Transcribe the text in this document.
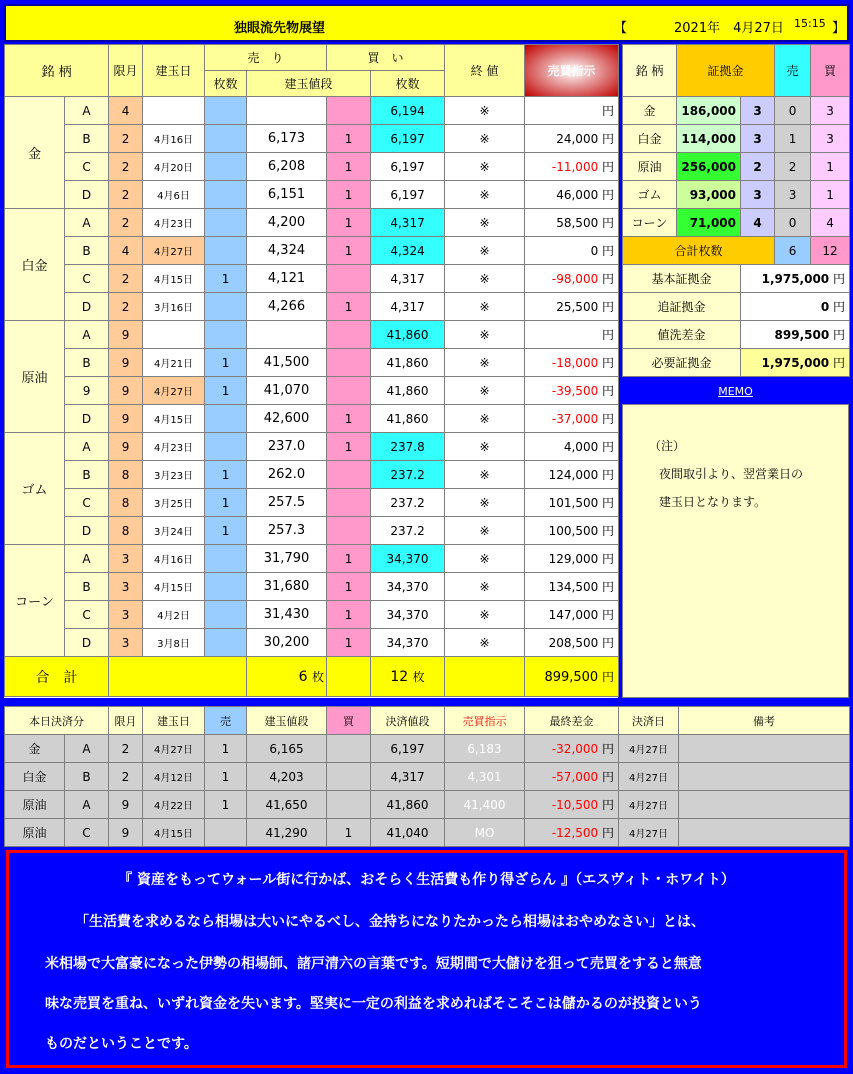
独眼流先物展望	【	2021年　4月27日 15:15 】
銘 柄		限月	建玉日	売　り		買　い		終 値	売買指示	
				枚数	建玉値段		枚数			
金	A	4					6,194	※	円	
	B	2	4月16日		6,173	1	6,197	※	24,000 円	
	C	2	4月20日		6,208	1	6,197	※	-11,000 円	
	D	2	4月6日		6,151	1	6,197	※	46,000 円	
白金	A	2	4月23日		4,200	1	4,317	※	58,500 円	
	B	4	4月27日		4,324	1	4,324	※	0 円	
	C	2	4月15日	1	4,121		4,317	※	-98,000 円	
	D	2	3月16日		4,266	1	4,317	※	25,500 円	
原油	A	9					41,860	※	円	
	B	9	4月21日	1	41,500		41,860	※	-18,000 円	
	9	9	4月27日	1	41,070		41,860	※	-39,500 円	
	D	9	4月15日		42,600	1	41,860	※	-37,000 円	
ゴム	A	9	4月23日		237.0	1	237.8	※	4,000 円	
	B	8	3月23日	1	262.0		237.2	※	124,000 円	
	C	8	3月25日	1	257.5		237.2	※	101,500 円	
	D	8	3月24日	1	257.3		237.2	※	100,500 円	
コーン	A	3	4月16日		31,790	1	34,370	※	129,000 円	
	B	3	4月15日		31,680	1	34,370	※	134,500 円	
	C	3	4月2日		31,430	1	34,370	※	147,000 円	
	D	3	3月8日		30,200	1	34,370	※	208,500 円	
合　計					6 枚		12 枚		899,500 円	
銘 柄	証拠金		売	買
金	186,000	3	0	3
白金	114,000	3	1	3
原油	256,000	2	2	1
ゴム	93,000	3	3	1
コーン	71,000	4	0	4
合計枚数			6	12
基本証拠金		1,975,000 円		
追証拠金		0 円		
値洗差金		899,500 円		
必要証拠金		1,975,000 円		
MEMO
（注）
夜間取引より、翌営業日の
建玉日となります。
本日決済分		限月	建玉日	売	建玉値段	買	決済値段	売買指示	最終差金	決済日	備考
金	A	2	4月27日	1	6,165		6,197	6,183	-32,000 円	4月27日	
白金	B	2	4月12日	1	4,203		4,317	4,301	-57,000 円	4月27日	
原油	A	9	4月22日	1	41,650		41,860	41,400	-10,500 円	4月27日	
原油	C	9	4月15日		41,290	1	41,040	MO	-12,500 円	4月27日	

『 資産をもってウォール街に行かば、おそらく生活費も作り得ざらん 』（エスヴィト・ホワイト）

「生活費を求めるなら相場は大いにやるべし、金持ちになりたかったら相場はおやめなさい」とは、

米相場で大富豪になった伊勢の相場師、諸戸清六の言葉です。短期間で大儲けを狙って売買をすると無意

味な売買を重ね、いずれ資金を失います。堅実に一定の利益を求めればそこそこは儲かるのが投資という

ものだということです。
